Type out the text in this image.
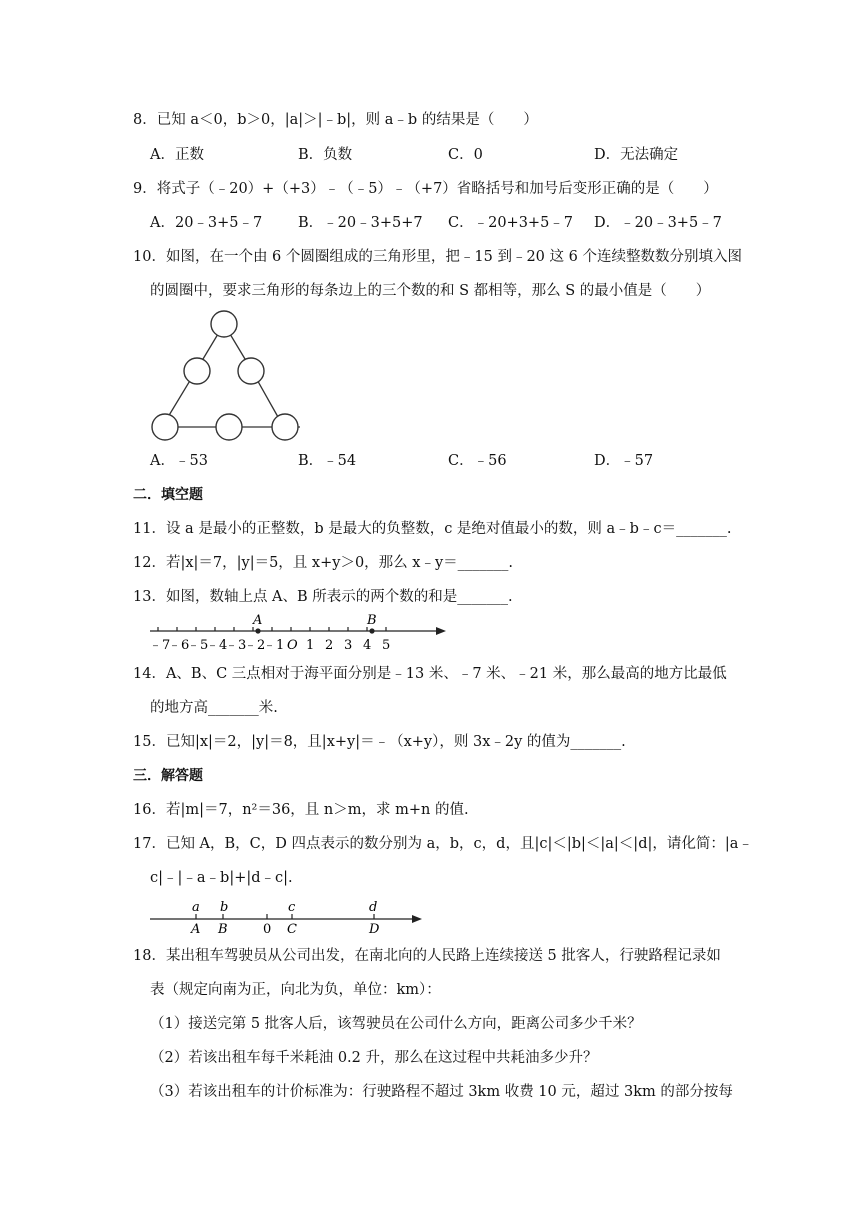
8．已知 a＜0，b＞0，|a|＞|﹣b|，则 a﹣b 的结果是（　　）
A．正数	B．负数	C．0	D．无法确定
9．将式子（﹣20）+（+3）﹣（﹣5）﹣（+7）省略括号和加号后变形正确的是（　　）
A．20﹣3+5﹣7 B．﹣20﹣3+5+7 C．﹣20+3+5﹣7 D．﹣20﹣3+5﹣7
10．如图，在一个由 6 个圆圈组成的三角形里，把﹣15 到﹣20 这 6 个连续整数数分别填入图
的圆圈中，要求三角形的每条边上的三个数的和 S 都相等，那么 S 的最小值是（　　）
A．﹣53	B．﹣54	C．﹣56	D．﹣57
二．填空题
11．设 a 是最小的正整数，b 是最大的负整数，c 是绝对值最小的数，则 a﹣b﹣c＝_______.
12．若|x|＝7，|y|＝5，且 x+y＞0，那么 x﹣y＝_______.
13．如图，数轴上点 A、B 所表示的两个数的和是_______.
﹣7
﹣6
﹣5
﹣4
﹣3
﹣2
﹣1 O 1 2 3 4 5
A	B
14．A、B、C 三点相对于海平面分别是﹣13 米、﹣7 米、﹣21 米，那么最高的地方比最低
的地方高_______米.
15．已知|x|＝2，|y|＝8，且|x+y|＝﹣（x+y），则 3x﹣2y 的值为_______.
三．解答题
16．若|m|＝7，n²＝36，且 n＞m，求 m+n 的值.
17．已知 A，B，C，D 四点表示的数分别为 a，b，c，d，且|c|＜|b|＜|a|＜|d|，请化简：|a﹣
c|﹣|﹣a﹣b|+|d﹣c|.
a b	c	d
A B	C	D
0
18．某出租车驾驶员从公司出发，在南北向的人民路上连续接送 5 批客人，行驶路程记录如
表（规定向南为正，向北为负，单位：km）：
（1）接送完第 5 批客人后，该驾驶员在公司什么方向，距离公司多少千米？
（2）若该出租车每千米耗油 0.2 升，那么在这过程中共耗油多少升？
（3）若该出租车的计价标准为：行驶路程不超过 3km 收费 10 元，超过 3km 的部分按每
